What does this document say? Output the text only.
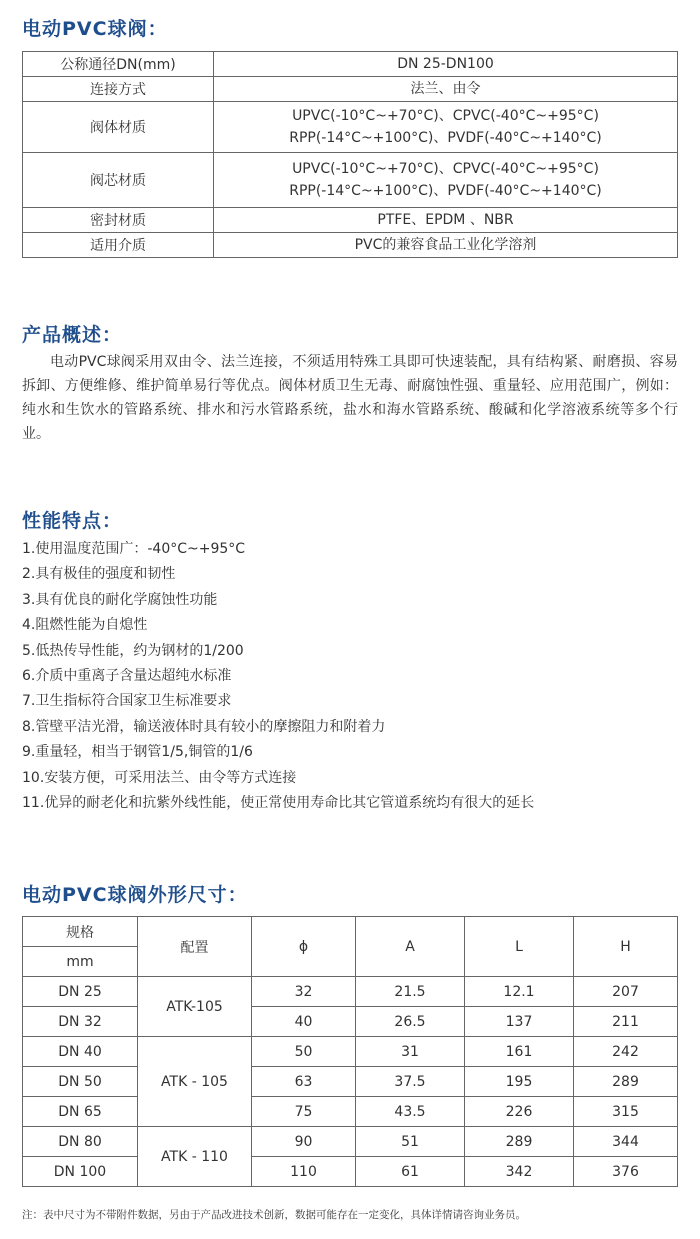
电动PVC球阀：
公称通径DN(mm)	DN 25-DN100
连接方式	法兰、由令
阀体材质	UPVC(-10°C~+70°C)、CPVC(-40°C~+95°C)
RPP(-14°C~+100°C)、PVDF(-40°C~+140°C)

阀芯材质	UPVC(-10°C~+70°C)、CPVC(-40°C~+95°C)
RPP(-14°C~+100°C)、PVDF(-40°C~+140°C)

密封材质	PTFE、EPDM 、NBR
适用介质	PVC的兼容食品工业化学溶剂
产品概述：

电动PVC球阀采用双由令、法兰连接，不须适用特殊工具即可快速装配，具有结构紧、耐磨损、容易拆卸、方便维修、维护简单易行等优点。阀体材质卫生无毒、耐腐蚀性强、重量轻、应用范围广，例如：纯水和生饮水的管路系统、排水和污水管路系统，盐水和海水管路系统、酸碱和化学溶液系统等多个行业。

性能特点：
1.使用温度范围广：-40°C~+95°C
2.具有极佳的强度和韧性
3.具有优良的耐化学腐蚀性功能
4.阻燃性能为自熄性
5.低热传导性能，约为钢材的1/200
6.介质中重离子含量达超纯水标准
7.卫生指标符合国家卫生标准要求
8.管壁平洁光滑，输送液体时具有较小的摩擦阻力和附着力
9.重量轻，相当于钢管1/5,铜管的1/6
10.安装方便，可采用法兰、由令等方式连接
11.优异的耐老化和抗紫外线性能，使正常使用寿命比其它管道系统均有很大的延长
电动PVC球阀外形尺寸：
规格	配置	ϕ	A	L	H
mm					
DN 25	ATK-105	32	21.5	12.1	207
DN 32		40	26.5	137	211
DN 40	ATK - 105	50	31	161	242
DN 50		63	37.5	195	289
DN 65		75	43.5	226	315
DN 80	ATK - 110	90	51	289	344
DN 100		110	61	342	376

注：表中尺寸为不带附件数据，另由于产品改进技术创新，数据可能存在一定变化，具体详情请咨询业务员。
